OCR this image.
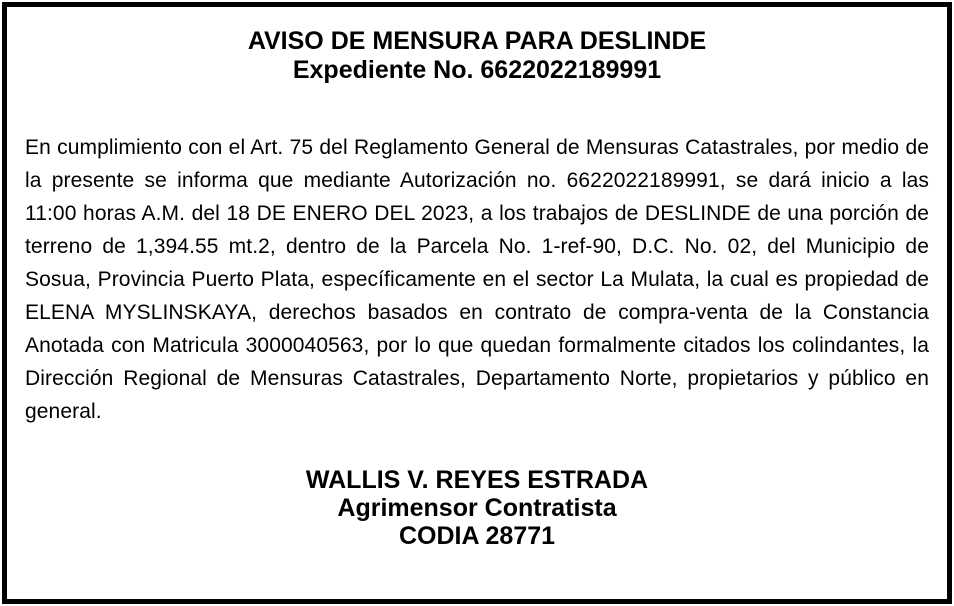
AVISO DE MENSURA PARA DESLINDE
Expediente No. 6622022189991

En cumplimiento con el Art. 75 del Reglamento General de Mensuras Catastrales, por medio de la presente se informa que mediante Autorización no. 6622022189991, se dará inicio a las 11:00 horas A.M. del 18 DE ENERO DEL 2023, a los trabajos de DESLINDE de una porción de terreno de 1,394.55 mt.2, dentro de la Parcela No. 1-ref-90, D.C. No. 02, del Municipio de Sosua, Provincia Puerto Plata, específicamente en el sector La Mulata, la cual es propiedad de ELENA MYSLINSKAYA, derechos basados en contrato de compra-venta de la Constancia Anotada con Matricula 3000040563, por lo que quedan formalmente citados los colindantes, la Dirección Regional de Mensuras Catastrales, Departamento Norte, propietarios y público en general.

WALLIS V. REYES ESTRADA
Agrimensor Contratista
CODIA 28771
